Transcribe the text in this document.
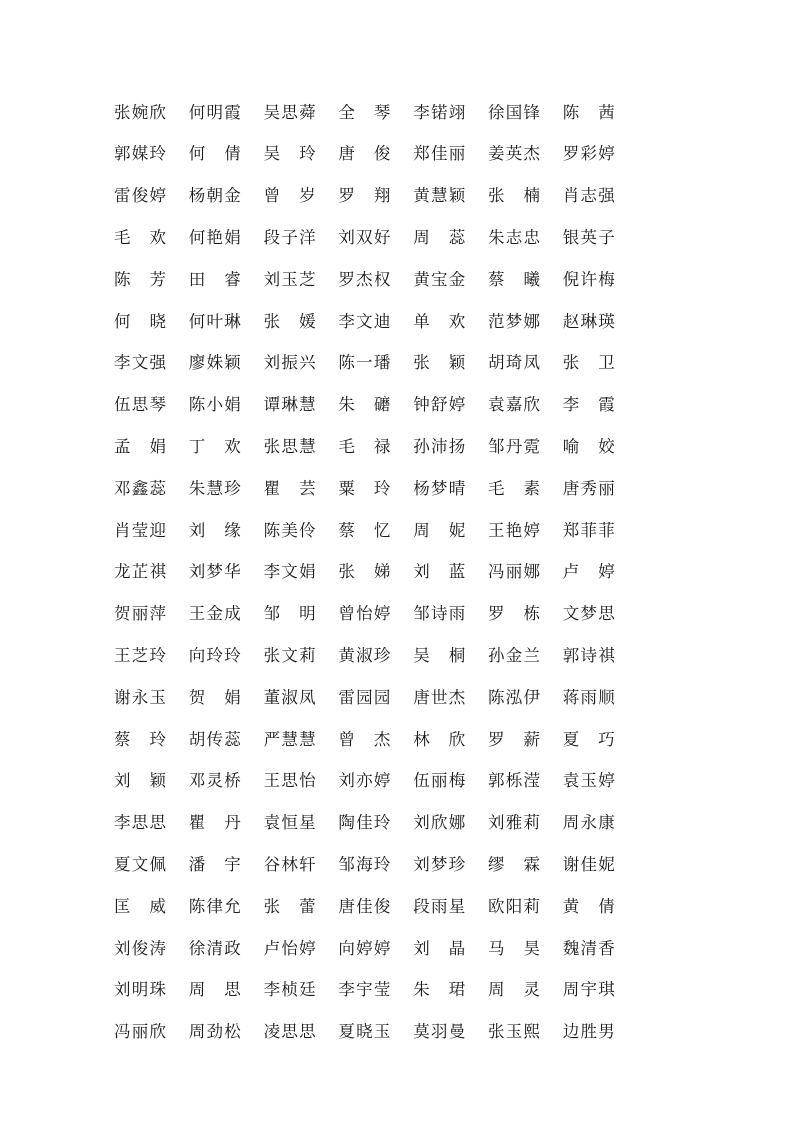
张 婉 欣 何 明 霞 吴 思 蕣 全 琴 李 锘 翊 徐 国 锋 陈 茜
郭 媒 玲 何 倩 吴 玲 唐 俊 郑 佳 丽 姜 英 杰 罗 彩 婷
雷 俊 婷 杨 朝 金 曾 岁 罗 翔 黄 慧 颖 张 楠 肖 志 强
毛 欢 何 艳 娟 段 子 洋 刘 双 好 周 蕊 朱 志 忠 银 英 子
陈 芳 田 睿 刘 玉 芝 罗 杰 权 黄 宝 金 蔡 曦 倪 许 梅
何 晓 何 叶 琳 张 媛 李 文 迪 单 欢 范 梦 娜 赵 琳 瑛
李 文 强 廖 姝 颖 刘 振 兴 陈 一 璠 张 颖 胡 琦 凤 张 卫
伍 思 琴 陈 小 娟 谭 琳 慧 朱 礳 钟 舒 婷 袁 嘉 欣 李 霞
孟 娟 丁 欢 张 思 慧 毛 禄 孙 沛 扬 邹 丹 霓 喻 姣
邓 鑫 蕊 朱 慧 珍 瞿 芸 粟 玲 杨 梦 晴 毛 素 唐 秀 丽
肖 莹 迎 刘 缘 陈 美 伶 蔡 忆 周 妮 王 艳 婷 郑 菲 菲
龙 芷 祺 刘 梦 华 李 文 娟 张 娣 刘 蓝 冯 丽 娜 卢 婷
贺 丽 萍 王 金 成 邹 明 曾 怡 婷 邹 诗 雨 罗 栋 文 梦 思
王 芝 玲 向 玲 玲 张 文 莉 黄 淑 珍 吴 桐 孙 金 兰 郭 诗 祺
谢 永 玉 贺 娟 董 淑 凤 雷 园 园 唐 世 杰 陈 泓 伊 蒋 雨 顺
蔡 玲 胡 传 蕊 严 慧 慧 曾 杰 林 欣 罗 薪 夏 巧
刘 颖 邓 灵 桥 王 思 怡 刘 亦 婷 伍 丽 梅 郭 栎 滢 袁 玉 婷
李 思 思 瞿 丹 袁 恒 星 陶 佳 玲 刘 欣 娜 刘 雅 莉 周 永 康
夏 文 佩 潘 宇 谷 林 轩 邹 海 玲 刘 梦 珍 缪 霖 谢 佳 妮
匡 威 陈 律 允 张 蕾 唐 佳 俊 段 雨 星 欧 阳 莉 黄 倩
刘 俊 涛 徐 清 政 卢 怡 婷 向 婷 婷 刘 晶 马 昊 魏 清 香
刘 明 珠 周 思 李 桢 廷 李 宇 莹 朱 珺 周 灵 周 宇 琪
冯 丽 欣 周 劲 松 凌 思 思 夏 晓 玉 莫 羽 曼 张 玉 熙 边 胜 男
